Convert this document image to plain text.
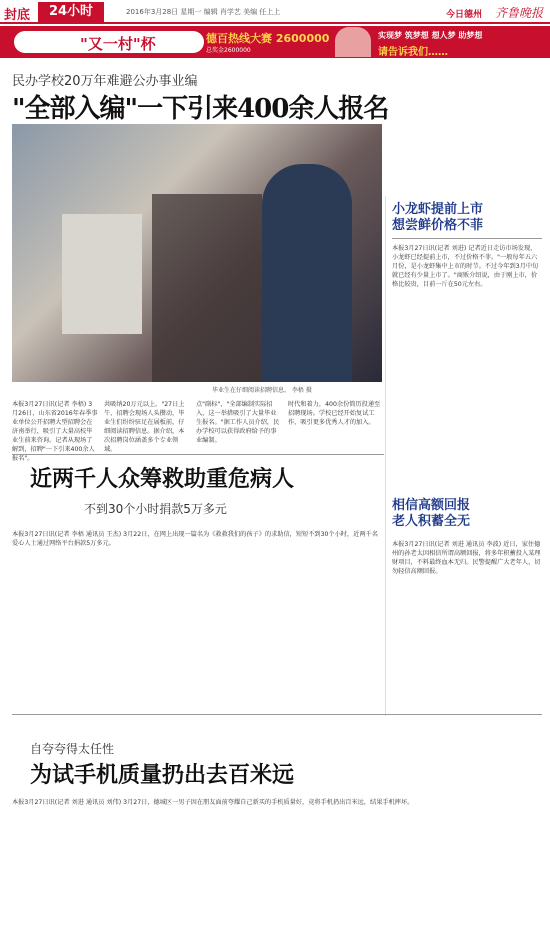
封底	24小时	2016年3月28日 星期一 编辑 肖学艺 美编 任上上	今日德州 齐鲁晚报
"又一村"杯	德百热线大赛 2600000
总奖金2600000
实现梦 筑梦想 想人梦 助梦想
请告诉我们……
民办学校20万年难避公办事业编
"全部入编"一下引来400余人报名
毕业生在仔细阅读招聘信息。 李梧 摄
本报3月27日讯(记者 李梧) 3月26日，山东省2016年春季事业单位公开招聘大型招聘会在济南举行，吸引了大量高校毕业生前来咨询。记者从现场了解到，招聘"一下引来400余人报名"。
共吸纳20万元以上。"27日上午，招聘会现场人头攒动，毕业生们纷纷驻足在展板前，仔细阅读招聘信息。据介绍，本次招聘岗位涵盖多个专业领域。
点"副标"，"全部编制实际招入，这一举措吸引了大量毕业生报名。"据工作人员介绍，民办学校可以获得政府给予的事业编制。
时代和着力，400余份简历投递至招聘现场。学校已经开始复试工作，吸引更多优秀人才的加入。
小龙虾提前上市
想尝鲜价格不菲
本报3月27日讯(记者 刘进) 记者近日走访市场发现，小龙虾已经提前上市，不过价格不菲。"一般每年五六月份，是小龙虾集中上市的时节。不过今年到3月中旬就已经有少量上市了。"商贩介绍说，由于刚上市，价格比较贵，目前一斤在50元左右。
相信高额回报
老人积蓄全无
本报3月27日讯(记者 刘进 通讯员 李波) 近日，家住德州的孙老太因相信所谓高额回报，将多年积蓄投入某理财项目，不料最终血本无归。民警提醒广大老年人，切勿轻信高额回报。
近两千人众筹救助重危病人
不到30个小时捐款5万多元
本报3月27日讯(记者 李梧 通讯员 王杰) 3月22日，在网上出现一篇名为《救救我们的孩子》的求助信，短短不到30个小时，近两千名爱心人士通过网络平台捐款5万多元。
自夸夸得太任性
为试手机质量扔出去百米远
本报3月27日讯(记者 刘进 通讯员 刘伟) 3月27日，德城区一男子因在朋友面前夸耀自己新买的手机质量好，竟将手机扔出百米远，结果手机摔坏。
